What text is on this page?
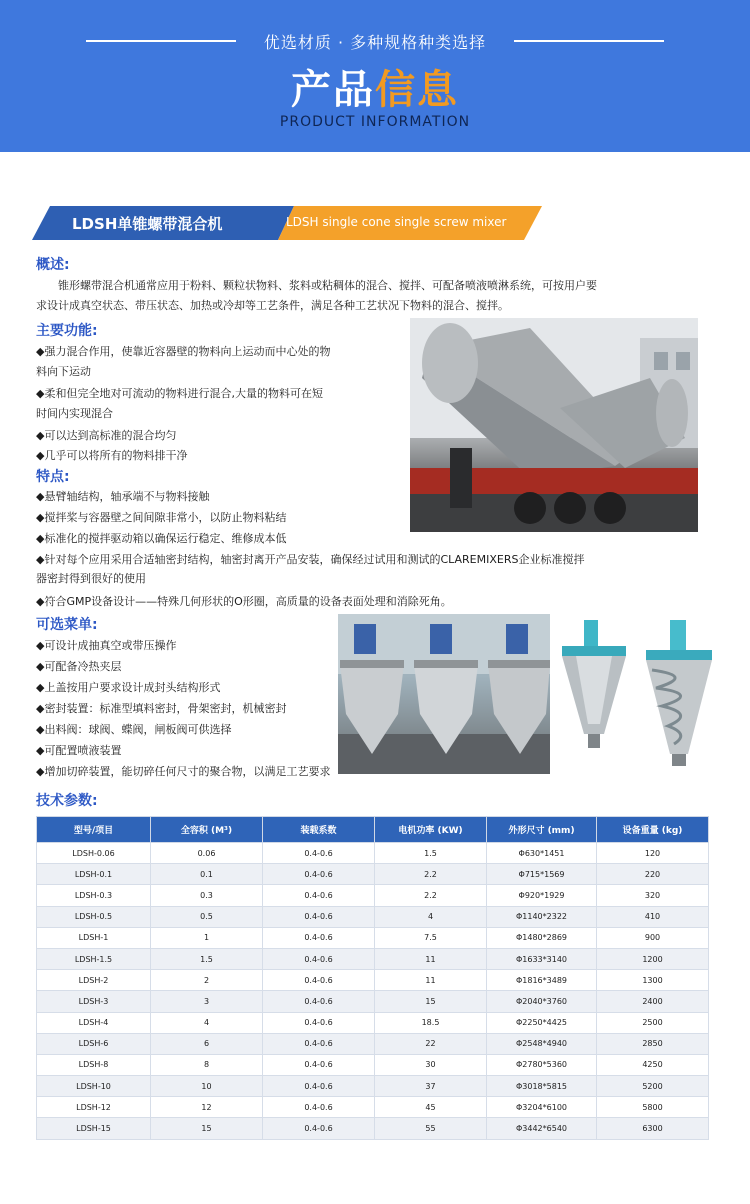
优选材质 · 多种规格种类选择
产品信息
PRODUCT INFORMATION
LDSH单锥螺带混合机	LDSH single cone single screw mixer
概述:
锥形螺带混合机通常应用于粉料、颗粒状物料、浆料或粘稠体的混合、搅拌、可配备喷液喷淋系统，可按用户要
求设计成真空状态、带压状态、加热或冷却等工艺条件，满足各种工艺状况下物料的混合、搅拌。
主要功能:
◆强力混合作用，使靠近容器壁的物料向上运动而中心处的物
料向下运动
◆柔和但完全地对可流动的物料进行混合,大量的物料可在短
时间内实现混合
◆可以达到高标准的混合均匀
◆几乎可以将所有的物料排干净
特点:
◆悬臂轴结构，轴承端不与物料接触
◆搅拌桨与容器壁之间间隙非常小，以防止物料粘结
◆标准化的搅拌驱动箱以确保运行稳定、维修成本低
◆针对每个应用采用合适轴密封结构，轴密封离开产品安装，确保经过试用和测试的CLAREMIXERS企业标准搅拌
器密封得到很好的使用
◆符合GMP设备设计——特殊几何形状的O形圈，高质量的设备表面处理和消除死角。
可选菜单:
◆可设计成抽真空或带压操作
◆可配备冷热夹层
◆上盖按用户要求设计成封头结构形式
◆密封装置：标准型填料密封，骨架密封，机械密封
◆出料阀：球阀、蝶阀，闸板阀可供选择
◆可配置喷液装置
◆增加切碎装置，能切碎任何尺寸的聚合物，以满足工艺要求
技术参数:
型号/项目	全容积 (M³)	装载系数	电机功率 (KW)	外形尺寸 (mm)	设备重量 (kg)
LDSH-0.06	0.06	0.4-0.6	1.5	Φ630*1451	120
LDSH-0.1	0.1	0.4-0.6	2.2	Φ715*1569	220
LDSH-0.3	0.3	0.4-0.6	2.2	Φ920*1929	320
LDSH-0.5	0.5	0.4-0.6	4	Φ1140*2322	410
LDSH-1	1	0.4-0.6	7.5	Φ1480*2869	900
LDSH-1.5	1.5	0.4-0.6	11	Φ1633*3140	1200
LDSH-2	2	0.4-0.6	11	Φ1816*3489	1300
LDSH-3	3	0.4-0.6	15	Φ2040*3760	2400
LDSH-4	4	0.4-0.6	18.5	Φ2250*4425	2500
LDSH-6	6	0.4-0.6	22	Φ2548*4940	2850
LDSH-8	8	0.4-0.6	30	Φ2780*5360	4250
LDSH-10	10	0.4-0.6	37	Φ3018*5815	5200
LDSH-12	12	0.4-0.6	45	Φ3204*6100	5800
LDSH-15	15	0.4-0.6	55	Φ3442*6540	6300
